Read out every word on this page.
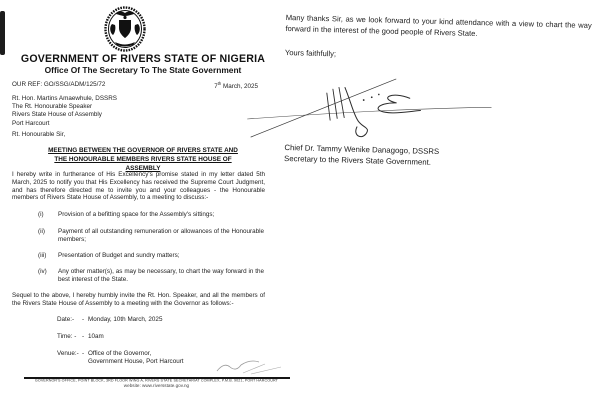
GOVERNMENT OF RIVERS STATE OF NIGERIA
Office Of The Secretary To The State Government
OUR REF: GO/SSG/ADM/125/72	7th March, 2025
Rt. Hon. Martins Amaewhule, DSSRS
The Rt. Honourable Speaker
Rivers State House of Assembly
Port Harcourt
Rt. Honourable Sir,
MEETING BETWEEN THE GOVERNOR OF RIVERS STATE AND THE HONOURABLE MEMBERS RIVERS STATE HOUSE OF ASSEMBLY
I hereby write in furtherance of His Excellency's promise stated in my letter dated 5th March, 2025 to notify you that His Excellency has received the Supreme Court Judgment, and has therefore directed me to invite you and your colleagues - the Honourable members of Rivers State House of Assembly, to a meeting to discuss:-
(i) Provision of a befitting space for the Assembly's sittings;
(ii) Payment of all outstanding remuneration or allowances of the Honourable members;
(iii) Presentation of Budget and sundry matters;
(iv) Any other matter(s), as may be necessary, to chart the way forward in the best interest of the State.
Sequel to the above, I hereby humbly invite the Rt. Hon. Speaker, and all the members of the Rivers State House of Assembly to a meeting with the Governor as follows:-
Date:- - Monday, 10th March, 2025
Time: - - 10am
Venue:- - Office of the Governor,
Government House, Port Harcourt
GOVERNOR'S OFFICE, POINT BLOCK, 3RD FLOOR WING A, RIVERS STATE SECRETARIAT COMPLEX, P.M.B. 9021, PORT HARCOURT
website: www.riversstate.gov.ng
Many thanks Sir, as we look forward to your kind attendance with a view to chart the way forward in the interest of the good people of Rivers State.
Yours faithfully;
Chief Dr. Tammy Wenike Danagogo, DSSRS
Secretary to the Rivers State Government.
